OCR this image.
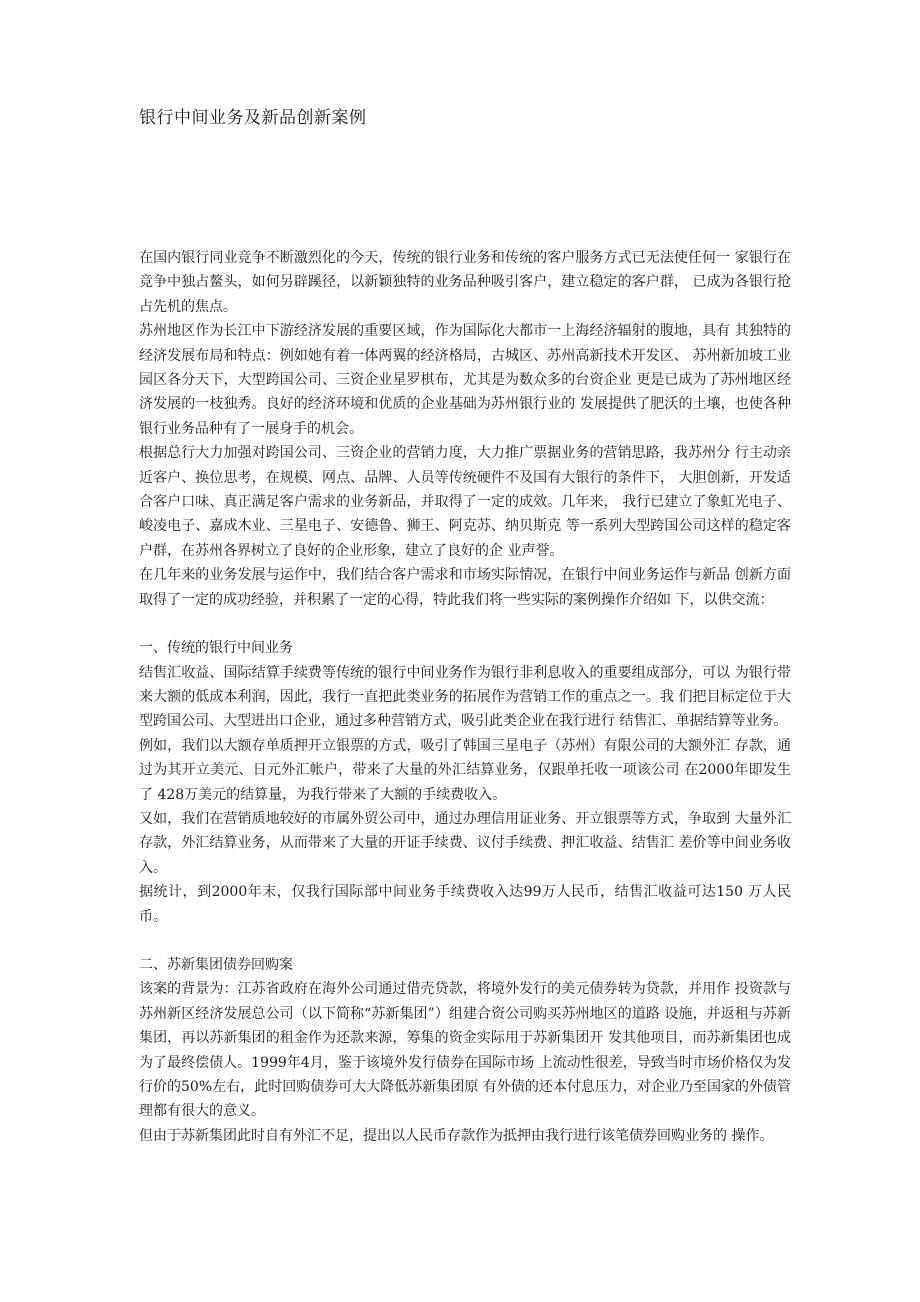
银行中间业务及新品创新案例

在国内银行同业竞争不断激烈化的今天，传统的银行业务和传统的客户服务方式已无法使任何一 家银行在竞争中独占鳌头，如何另辟蹊径，以新颖独特的业务品种吸引客户，建立稳定的客户群， 已成为各银行抢占先机的焦点。

苏州地区作为长江中下游经济发展的重要区域，作为国际化大都市一上海经济辐射的腹地，具有 其独特的经济发展布局和特点：例如她有着一体两翼的经济格局，古城区、苏州高新技术开发区、 苏州新加坡工业园区各分天下，大型跨国公司、三资企业星罗棋布，尤其是为数众多的台资企业 更是已成为了苏州地区经济发展的一枝独秀。良好的经济环境和优质的企业基础为苏州银行业的 发展提供了肥沃的土壤，也使各种银行业务品种有了一展身手的机会。

根据总行大力加强对跨国公司、三资企业的营销力度，大力推广票据业务的营销思路，我苏州分 行主动亲近客户、换位思考，在规模、网点、品牌、人员等传统硬件不及国有大银行的条件下， 大胆创新，开发适合客户口味、真正满足客户需求的业务新品，并取得了一定的成效。几年来， 我行已建立了象虹光电子、峻凌电子、嘉成木业、三星电子、安德鲁、狮王、阿克苏、纳贝斯克 等一系列大型跨国公司这样的稳定客户群，在苏州各界树立了良好的企业形象，建立了良好的企 业声誉。

在几年来的业务发展与运作中，我们结合客户需求和市场实际情况，在银行中间业务运作与新品 创新方面取得了一定的成功经验，并积累了一定的心得，特此我们将一些实际的案例操作介绍如 下，以供交流：

一、传统的银行中间业务

结售汇收益、国际结算手续费等传统的银行中间业务作为银行非利息收入的重要组成部分，可以 为银行带来大额的低成本利润，因此，我行一直把此类业务的拓展作为营销工作的重点之一。我 们把目标定位于大型跨国公司、大型进出口企业，通过多种营销方式，吸引此类企业在我行进行 结售汇、单据结算等业务。

例如，我们以大额存单质押开立银票的方式，吸引了韩国三星电子（苏州）有限公司的大额外汇 存款，通过为其开立美元、日元外汇帐户，带来了大量的外汇结算业务，仅跟单托收一项该公司 在2000年即发生了 428万美元的结算量，为我行带来了大额的手续费收入。

又如，我们在营销质地较好的市属外贸公司中，通过办理信用证业务、开立银票等方式，争取到 大量外汇存款，外汇结算业务，从而带来了大量的开证手续费、议付手续费、押汇收益、结售汇 差价等中间业务收入。

据统计，到2000年末，仅我行国际部中间业务手续费收入达99万人民币，结售汇收益可达150 万人民币。

二、苏新集团债券回购案

该案的背景为：江苏省政府在海外公司通过借壳贷款，将境外发行的美元债券转为贷款，并用作 投资款与苏州新区经济发展总公司（以下简称“苏新集团”）组建合资公司购买苏州地区的道路 设施，并返租与苏新集团，再以苏新集团的租金作为还款来源，筹集的资金实际用于苏新集团开 发其他项目，而苏新集团也成为了最终偿债人。1999年4月，鉴于该境外发行债券在国际市场 上流动性很差，导致当时市场价格仅为发行价的50%左右，此时回购债券可大大降低苏新集团原 有外债的还本付息压力，对企业乃至国家的外债管理都有很大的意义。

但由于苏新集团此时自有外汇不足，提出以人民币存款作为抵押由我行进行该笔债券回购业务的 操作。
